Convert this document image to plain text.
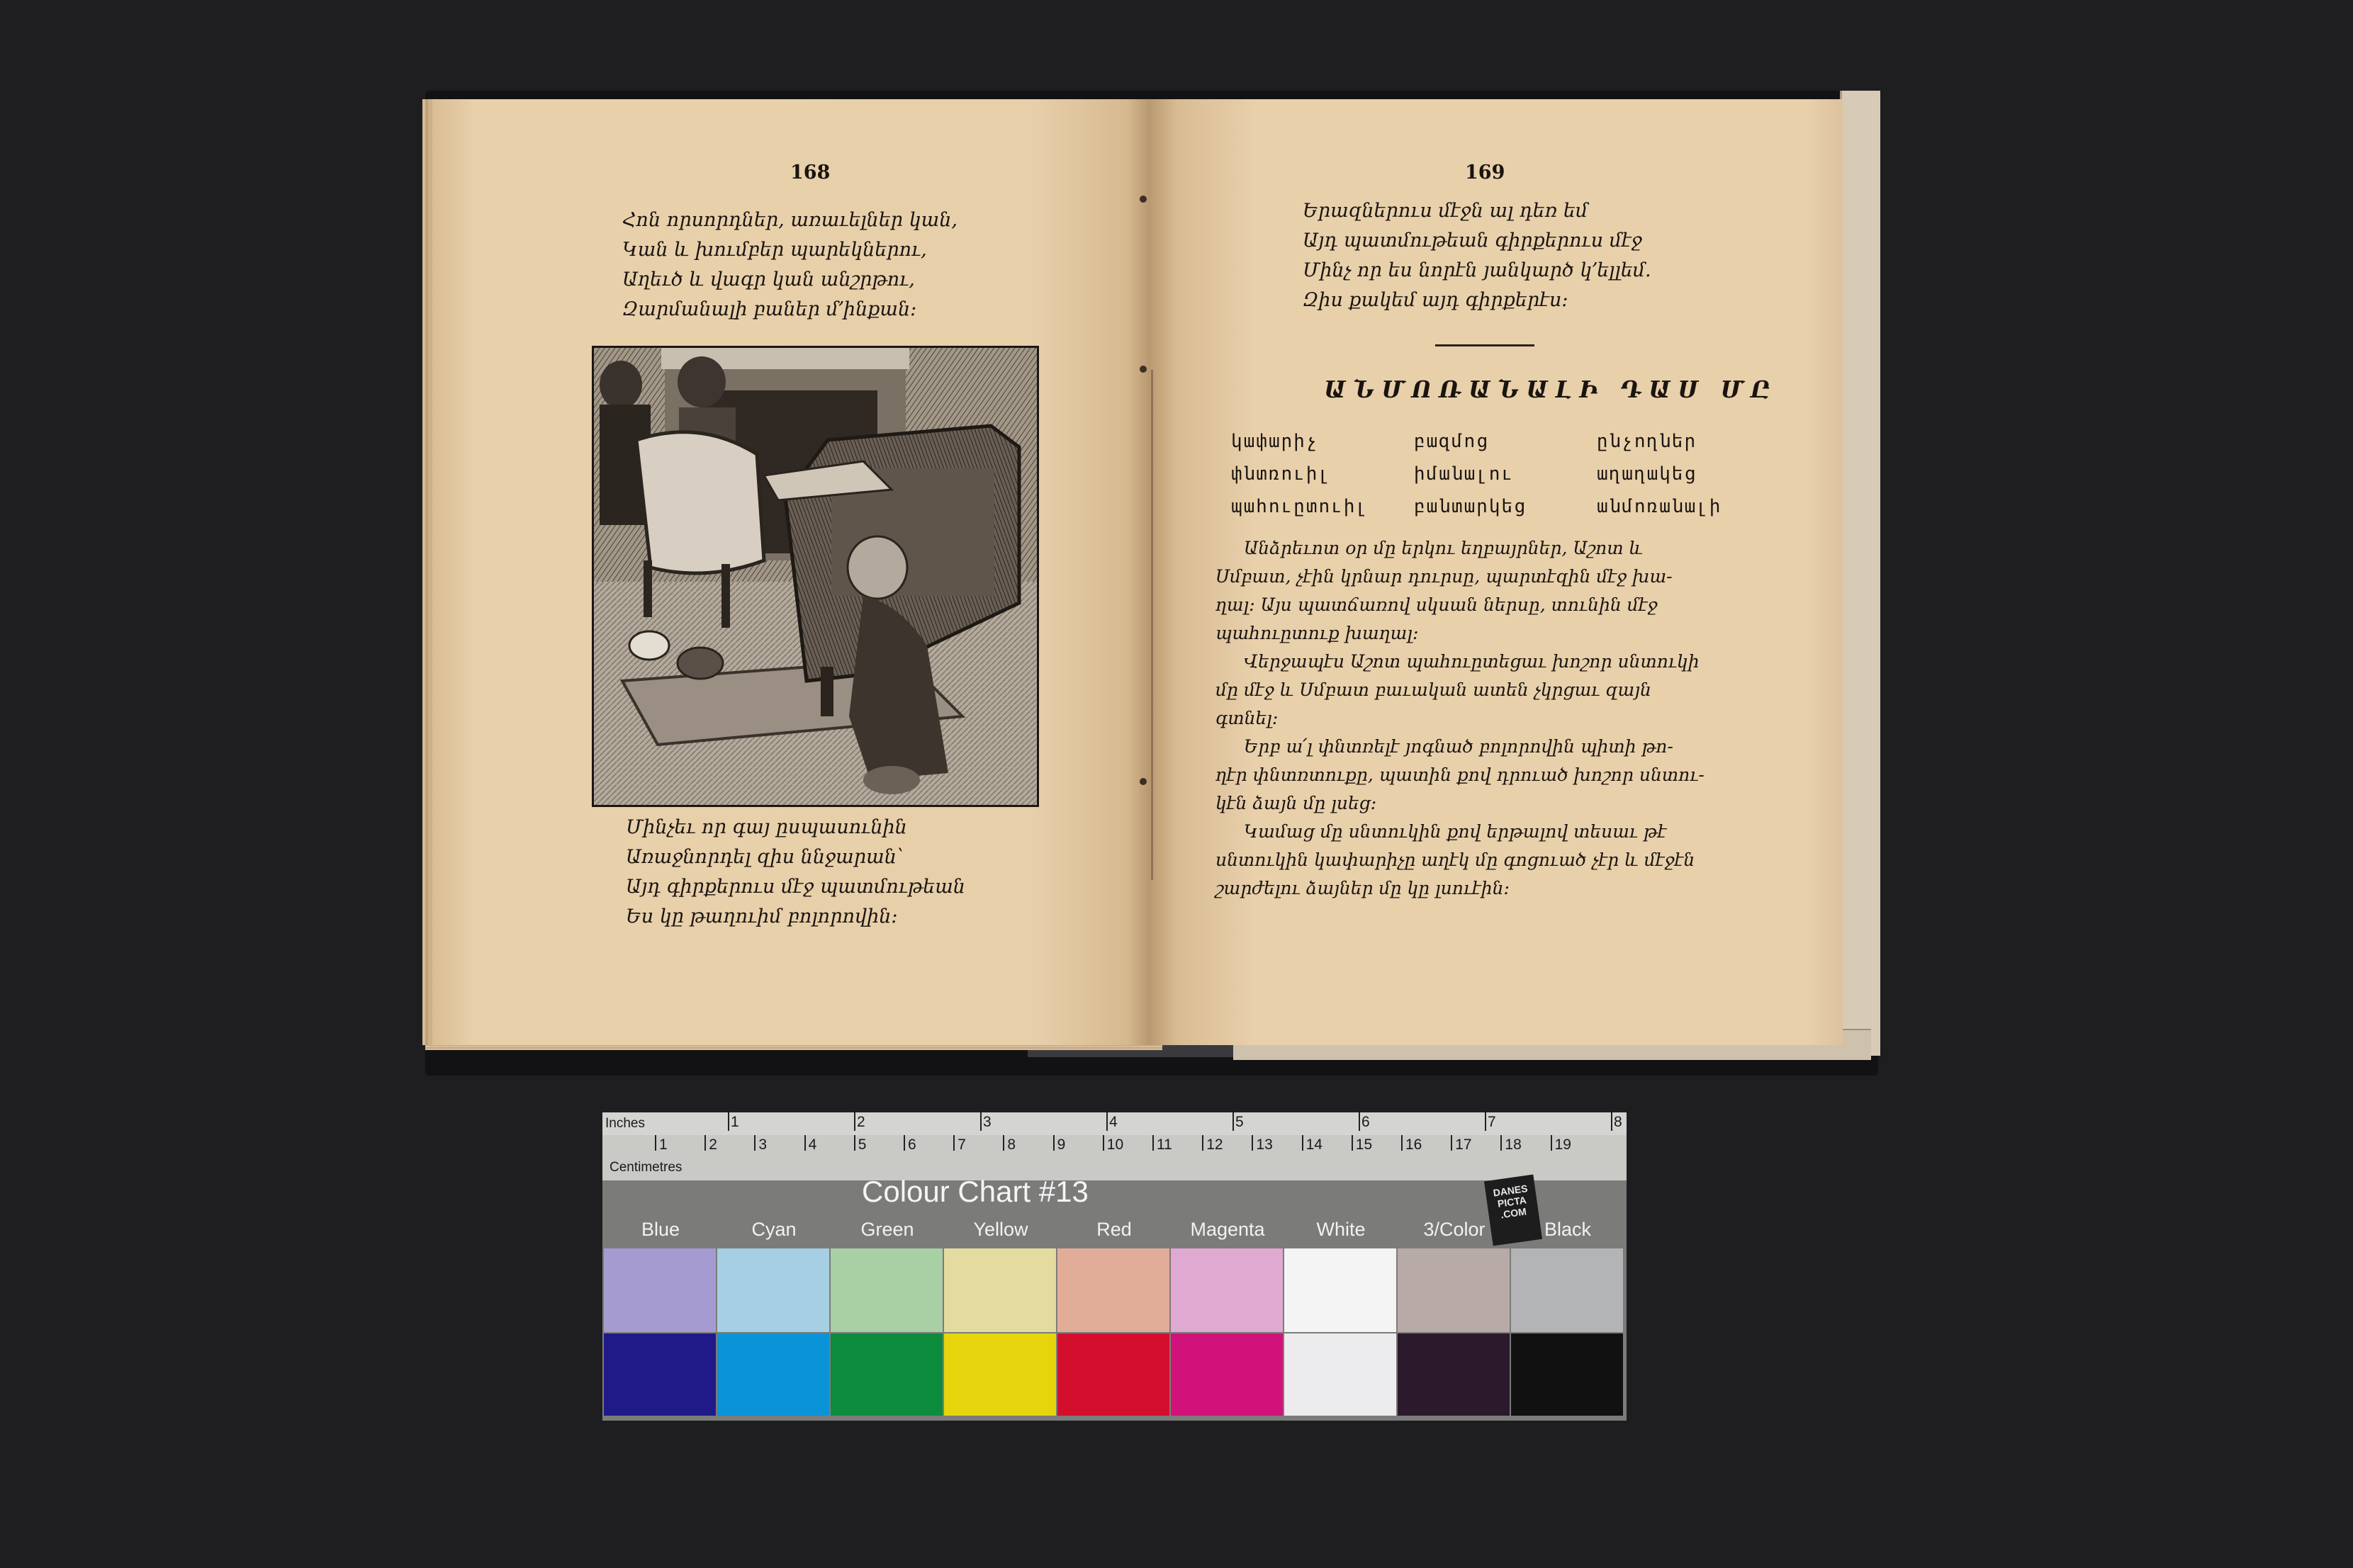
168
Հոն որսորդներ, առաւելներ կան,
Կան և խումբեր պարեկներու,
Աղեւծ և վագր կան անշրթու,
Զարմանալի բաներ մ՚ինքան։
Մինչեւ որ գայ ըսպասունին
Առաջնորդել զիս ննջարան՝
Այդ գիրքերուս մէջ պատմութեան
Ես կը թաղուիմ բոլորովին։
169
Երազներուս մէջն ալ դեռ եմ
Այդ պատմութեան գիրքերուս մէջ
Մինչ որ ես նորէն յանկարծ կ՚ելլեմ.
Զիս քակեմ այդ գիրքերէս։
ԱՆՄՈՌԱՆԱԼԻ ԴԱՍ ՄԸ
կափարիչ	բազմոց	ընչողներ
փնտռուիլ	իմանալու	աղաղակեց
պահուըտուիլ	բանտարկեց	անմոռանալի
Անձրեւոտ օր մը երկու եղբայրներ, Աշոտ և
Սմբատ, չէին կրնար դուրսը, պարտէզին մէջ խա-
ղալ։ Այս պատճառով սկսան ներսը, տունին մէջ
պահուըտուք խաղալ։
Վերջապէս Աշոտ պահուըտեցաւ խոշոր սնտուկի
մը մէջ և Սմբատ բաւական ատեն չկրցաւ զայն
գտնել։
Երբ ա՛լ փնտռելէ յոգնած բոլորովին պիտի թո-
ղէր փնտռտուքը, պատին քով դրուած խոշոր սնտու-
կէն ձայն մը լսեց։
Կամաց մը սնտուկին քով երթալով տեսաւ թէ
սնտուկին կափարիչը աղէկ մը գոցուած չէր և մէջէն
շարժելու ձայներ մը կը լսուէին։
Inches	1	2	3	4	5	6	7	8
Centimetres
1	2	3	4	5	6	7	8	9	10 11 12 13 14 15 16 17 18 19
Colour Chart #13	DANES PICTA .COM
Blue	Cyan	Green	Yellow	Red	Magenta	White	3/Color	Black
